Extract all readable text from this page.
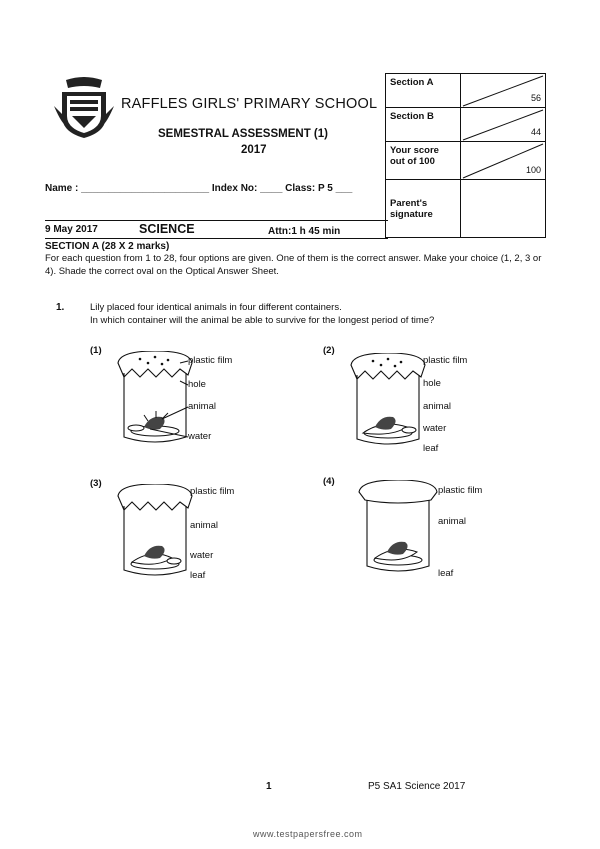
RAFFLES GIRLS' PRIMARY SCHOOL
SEMESTRAL ASSESSMENT (1)
2017
Name : _______________________ Index No: ____ Class: P 5 ___
9 May 2017	SCIENCE	Attn:1 h 45 min
Section A	56

Section B	44

Your score out of 100	100

Parent's signature	
SECTION A (28 X 2 marks)
For each question from 1 to 28, four options are given. One of them is the correct answer. Make your choice (1, 2, 3 or 4). Shade the correct oval on the Optical Answer Sheet.
1.	Lily placed four identical animals in four different containers.
In which container will the animal be able to survive for the longest period of time?
(1)
plastic film
hole
animal
water
(2)
plastic film
hole
animal
water
leaf
(3)
plastic film
animal
water
leaf
(4)
plastic film
animal
leaf
1	P5 SA1 Science 2017
www.testpapersfree.com
